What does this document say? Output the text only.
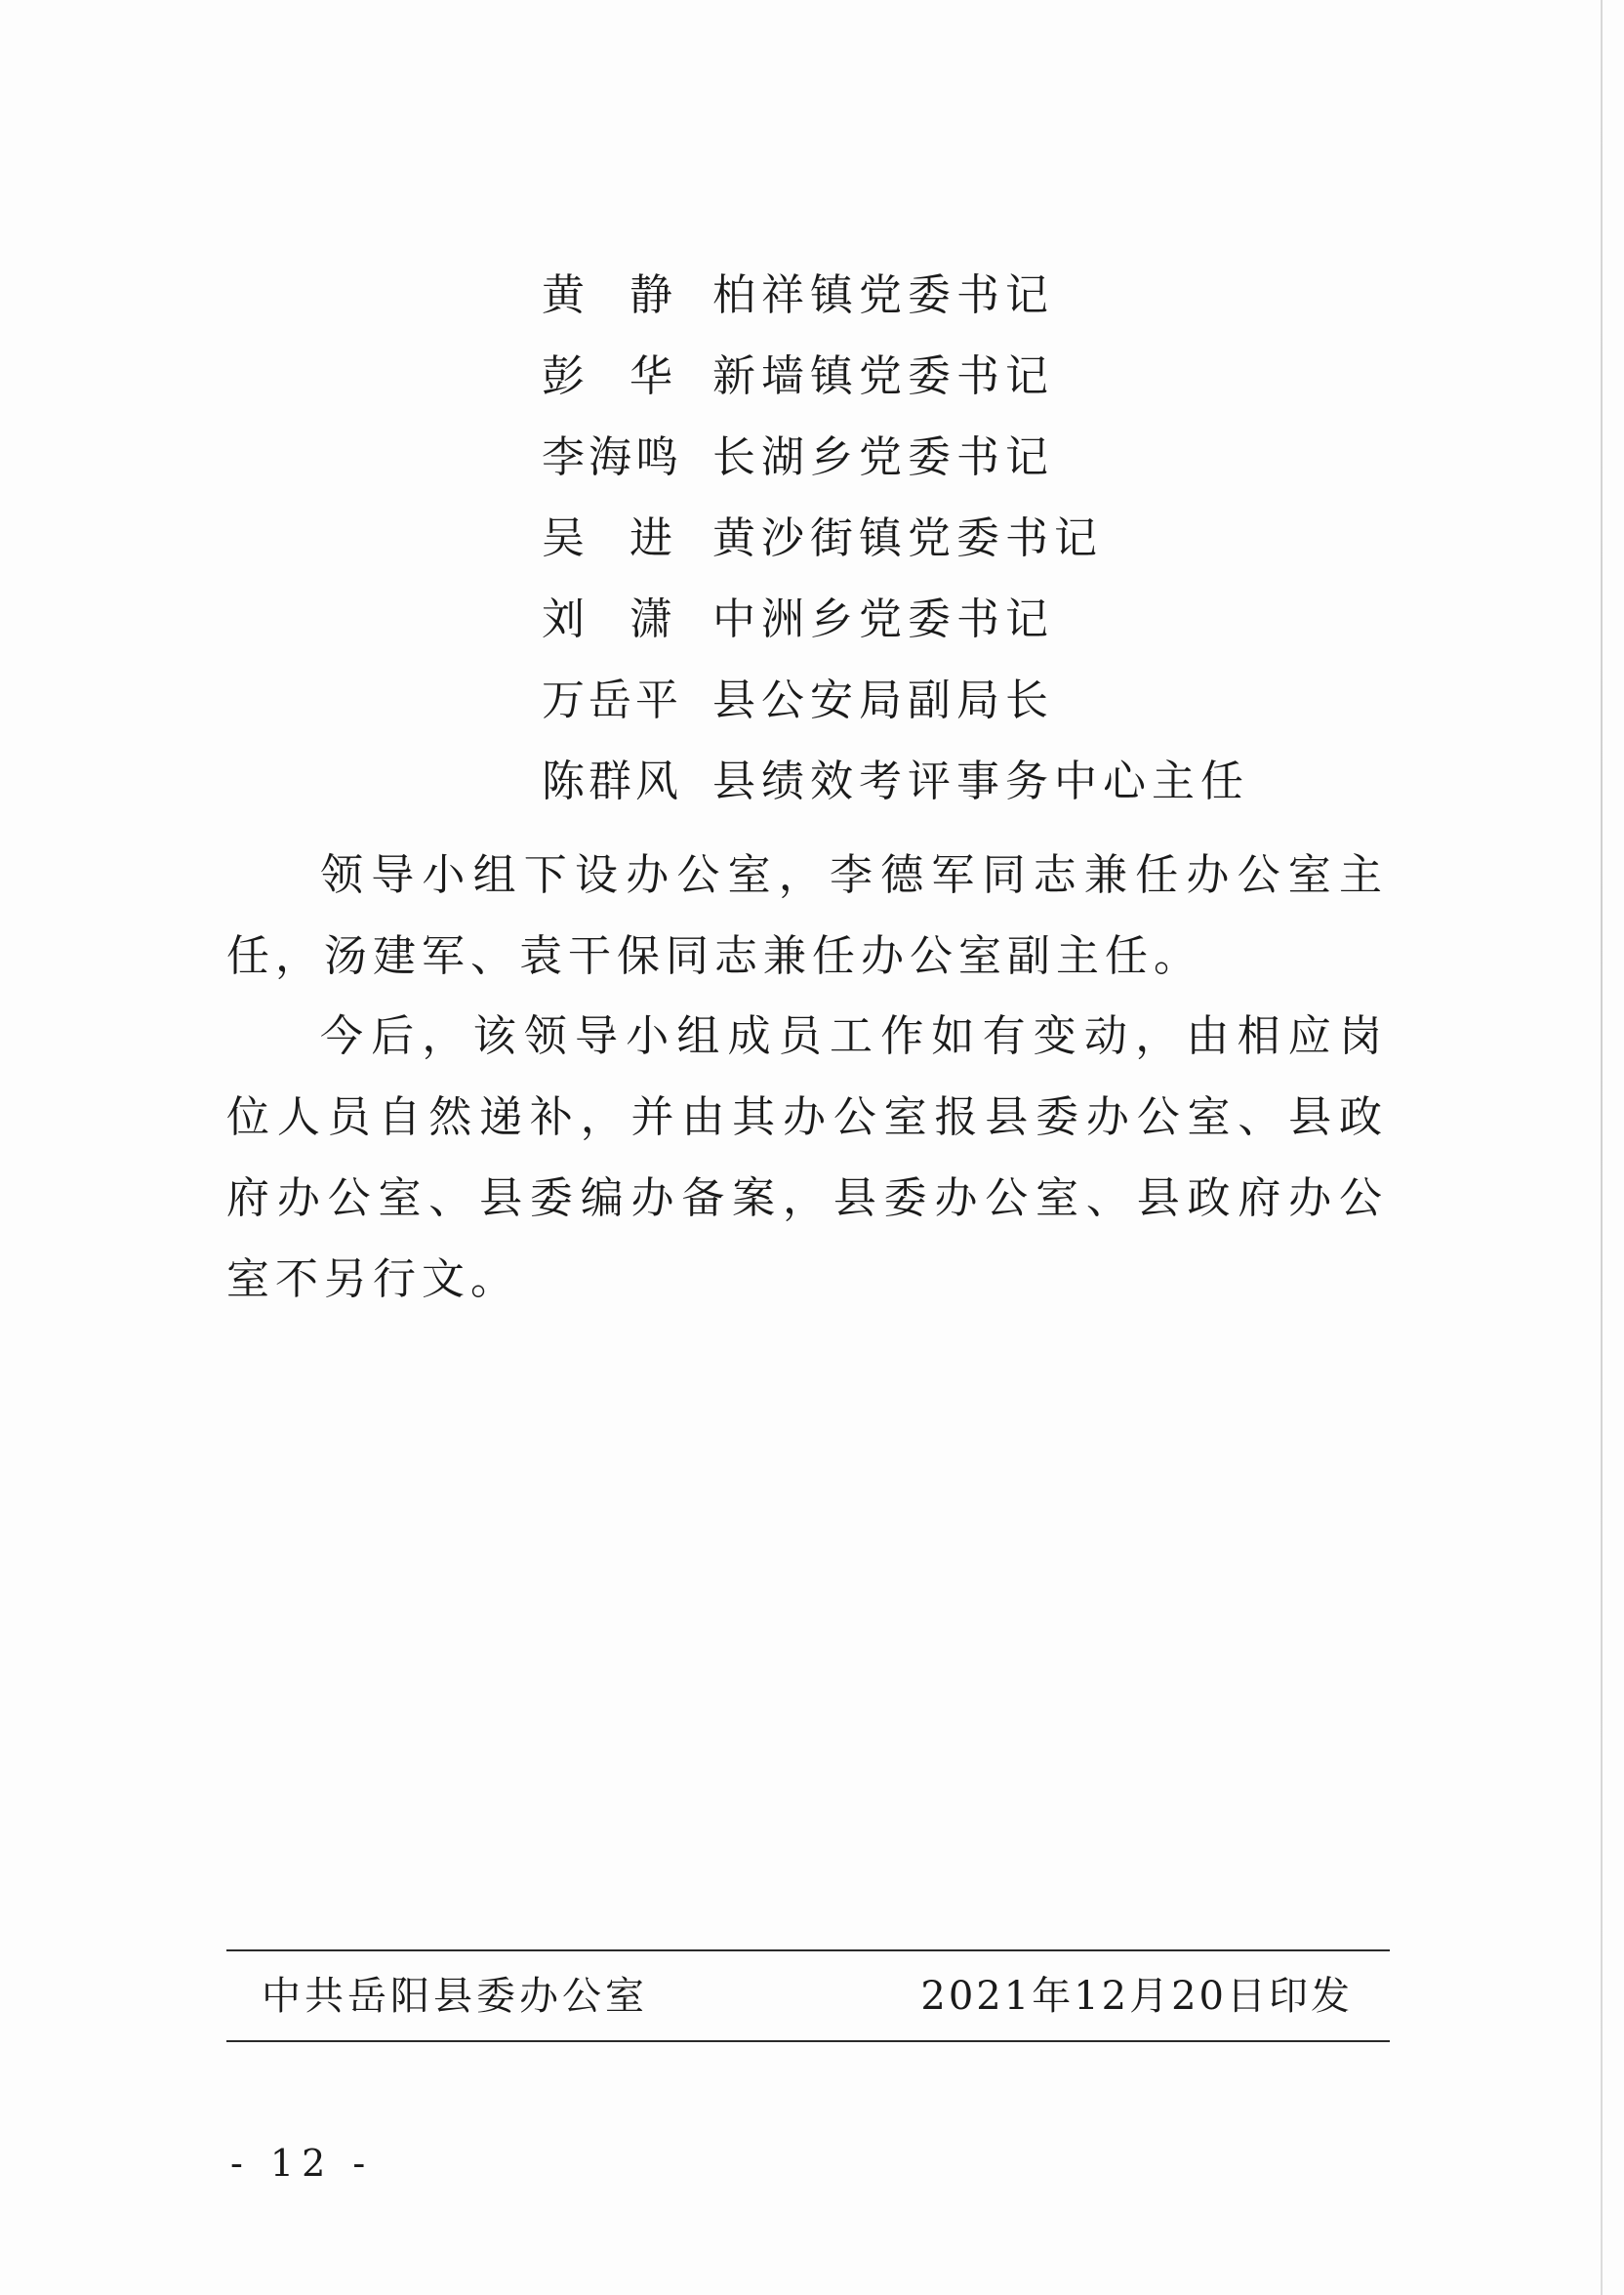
黄静
柏祥镇党委书记
彭华
新墙镇党委书记
李海鸣 长湖乡党委书记
吴进
黄沙街镇党委书记
刘潇
中洲乡党委书记
万岳平 县公安局副局长
陈群风 县绩效考评事务中心主任

领导小组下设办公室，李德军同志兼任办公室主任，汤建军、袁干保同志兼任办公室副主任。

今后，该领导小组成员工作如有变动，由相应岗位人员自然递补，并由其办公室报县委办公室、县政府办公室、县委编办备案，县委办公室、县政府办公室不另行文。

中共岳阳县委办公室	2021年12月20日印发
- 12 -
